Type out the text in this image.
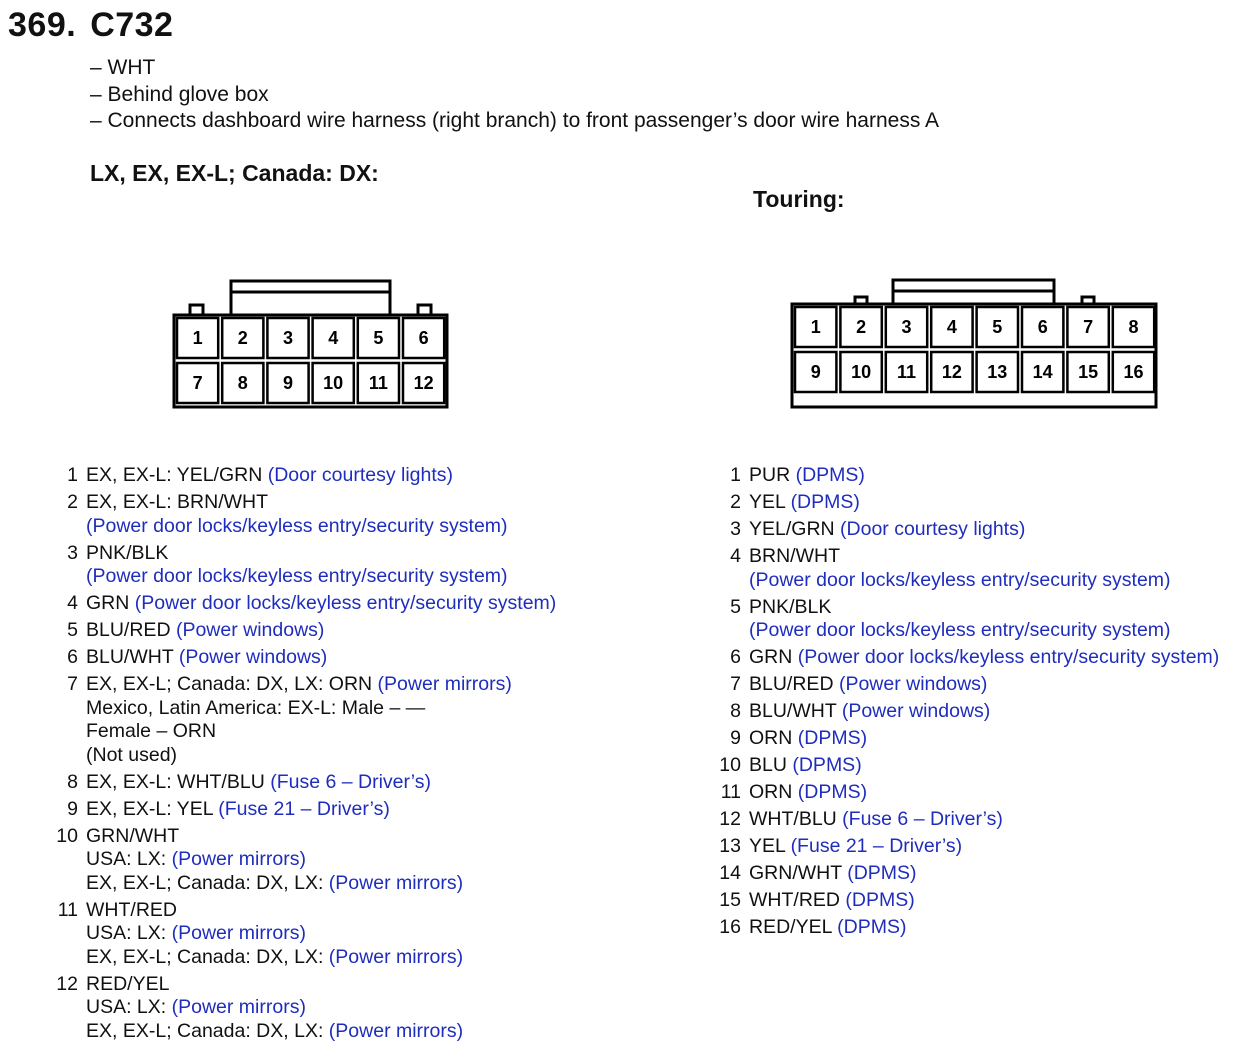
369. C732
– WHT
– Behind glove box
– Connects dashboard wire harness (right branch) to front passenger’s door wire harness A
LX, EX, EX-L; Canada: DX:
Touring:
1 2 3 4 5 6
7 8 9 10 11 12
1 2 3 4 5 6 7 8
9 10 11 12 13 14 15 16
1 EX, EX-L: YEL/GRN (Door courtesy lights)
2 EX, EX-L: BRN/WHT
(Power door locks/keyless entry/security system)
3 PNK/BLK
(Power door locks/keyless entry/security system)
4 GRN (Power door locks/keyless entry/security system)
5 BLU/RED (Power windows)
6 BLU/WHT (Power windows)
7 EX, EX-L; Canada: DX, LX: ORN (Power mirrors)
Mexico, Latin America: EX-L: Male – —
Female – ORN
(Not used)
8 EX, EX-L: WHT/BLU (Fuse 6 – Driver’s)
9 EX, EX-L: YEL (Fuse 21 – Driver’s)
10 GRN/WHT
USA: LX: (Power mirrors)
EX, EX-L; Canada: DX, LX: (Power mirrors)
11 WHT/RED
USA: LX: (Power mirrors)
EX, EX-L; Canada: DX, LX: (Power mirrors)
12 RED/YEL
USA: LX: (Power mirrors)
EX, EX-L; Canada: DX, LX: (Power mirrors)
1 PUR (DPMS)
2 YEL (DPMS)
3 YEL/GRN (Door courtesy lights)
4 BRN/WHT
(Power door locks/keyless entry/security system)
5 PNK/BLK
(Power door locks/keyless entry/security system)
6 GRN (Power door locks/keyless entry/security system)
7 BLU/RED (Power windows)
8 BLU/WHT (Power windows)
9 ORN (DPMS)
10 BLU (DPMS)
11 ORN (DPMS)
12 WHT/BLU (Fuse 6 – Driver’s)
13 YEL (Fuse 21 – Driver’s)
14 GRN/WHT (DPMS)
15 WHT/RED (DPMS)
16 RED/YEL (DPMS)
